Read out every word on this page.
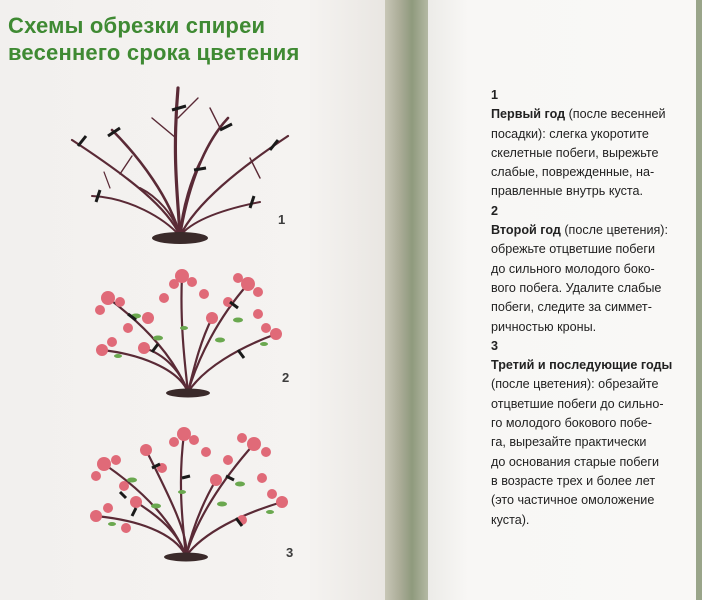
Схемы обрезки спиреи
весеннего срока цветения
1
2
3
1

Первый год (после весенней
посадки): слегка укоротите
скелетные побеги, вырежьте
слабые, поврежденные, на-
правленные внутрь куста.

2

Второй год (после цветения):
обрежьте отцветшие побеги
до сильного молодого боко-
вого побега. Удалите слабые
побеги, следите за симмет-
ричностью кроны.

3

Третий и последующие годы
(после цветения): обрезайте
отцветшие побеги до сильно-
го молодого бокового побе-
га, вырезайте практически
до основания старые побеги
в возрасте трех и более лет
(это частичное омоложение
куста).
